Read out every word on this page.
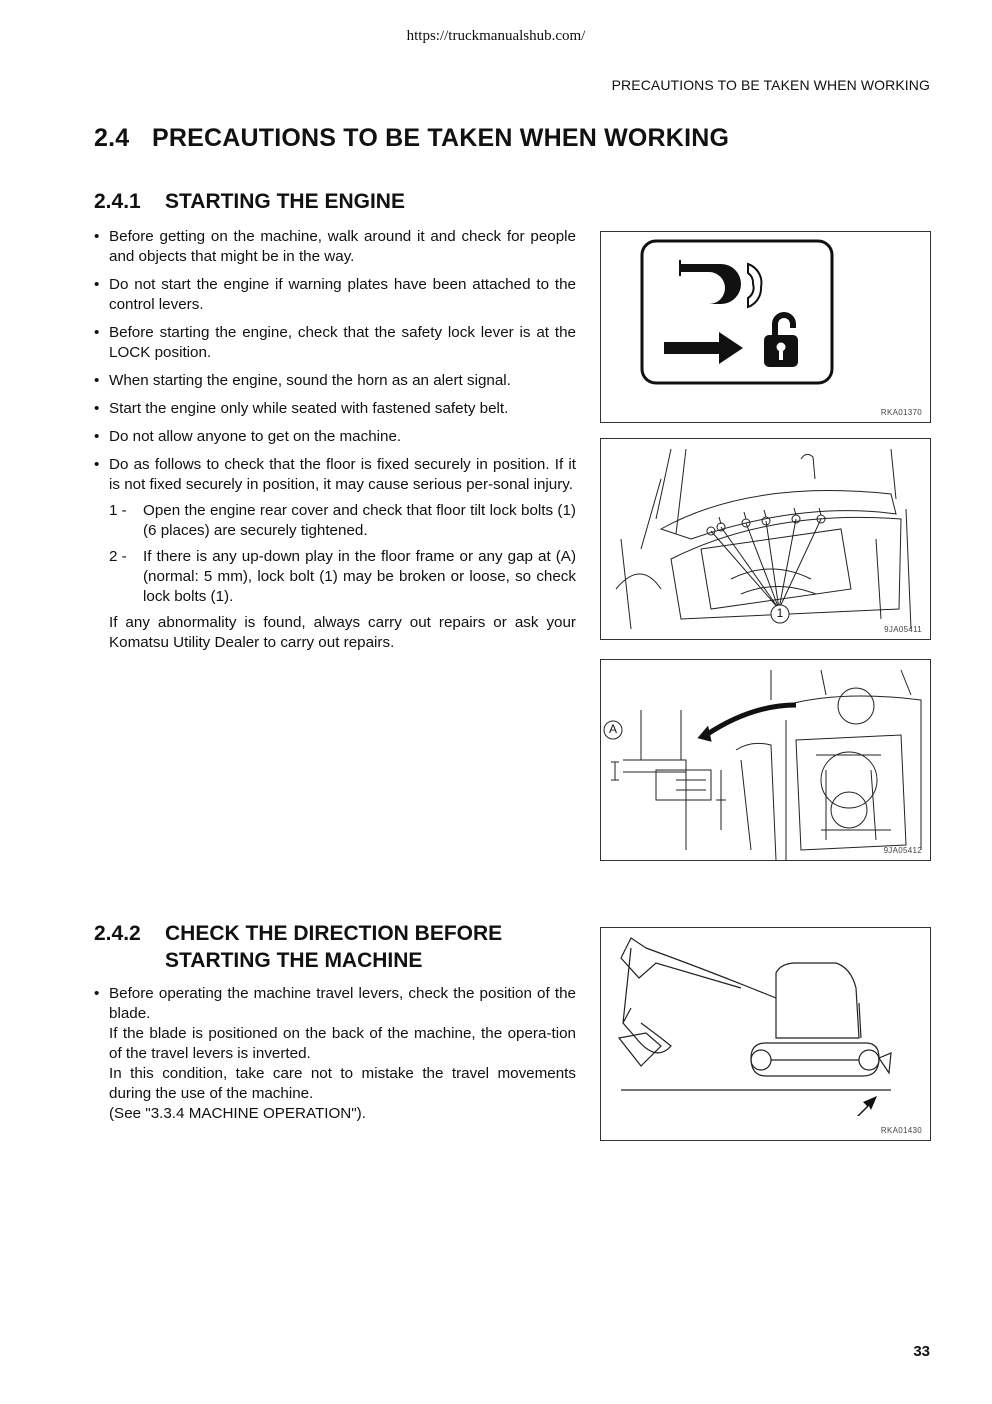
https://truckmanualshub.com/
PRECAUTIONS TO BE TAKEN WHEN WORKING
2.4 PRECAUTIONS TO BE TAKEN WHEN WORKING
2.4.1 STARTING THE ENGINE
• Before getting on the machine, walk around it and check for people and objects that might be in the way.
• Do not start the engine if warning plates have been attached to the control levers.
• Before starting the engine, check that the safety lock lever is at the LOCK position.
• When starting the engine, sound the horn as an alert signal.
• Start the engine only while seated with fastened safety belt.
• Do not allow anyone to get on the machine.
• Do as follows to check that the floor is fixed securely in position. If it is not fixed securely in position, it may cause serious per-sonal injury.
1 - Open the engine rear cover and check that floor tilt lock bolts (1) (6 places) are securely tightened.
2 - If there is any up-down play in the floor frame or any gap at (A) (normal: 5 mm), lock bolt (1) may be broken or loose, so check lock bolts (1).
If any abnormality is found, always carry out repairs or ask your Komatsu Utility Dealer to carry out repairs.
RKA01370
1
9JA05411
A
9JA05412
2.4.2 CHECK THE DIRECTION BEFORE STARTING THE MACHINE
• Before operating the machine travel levers, check the position of the blade.
If the blade is positioned on the back of the machine, the opera-tion of the travel levers is inverted.
In this condition, take care not to mistake the travel movements during the use of the machine.
(See "3.3.4 MACHINE OPERATION").
RKA01430
33
